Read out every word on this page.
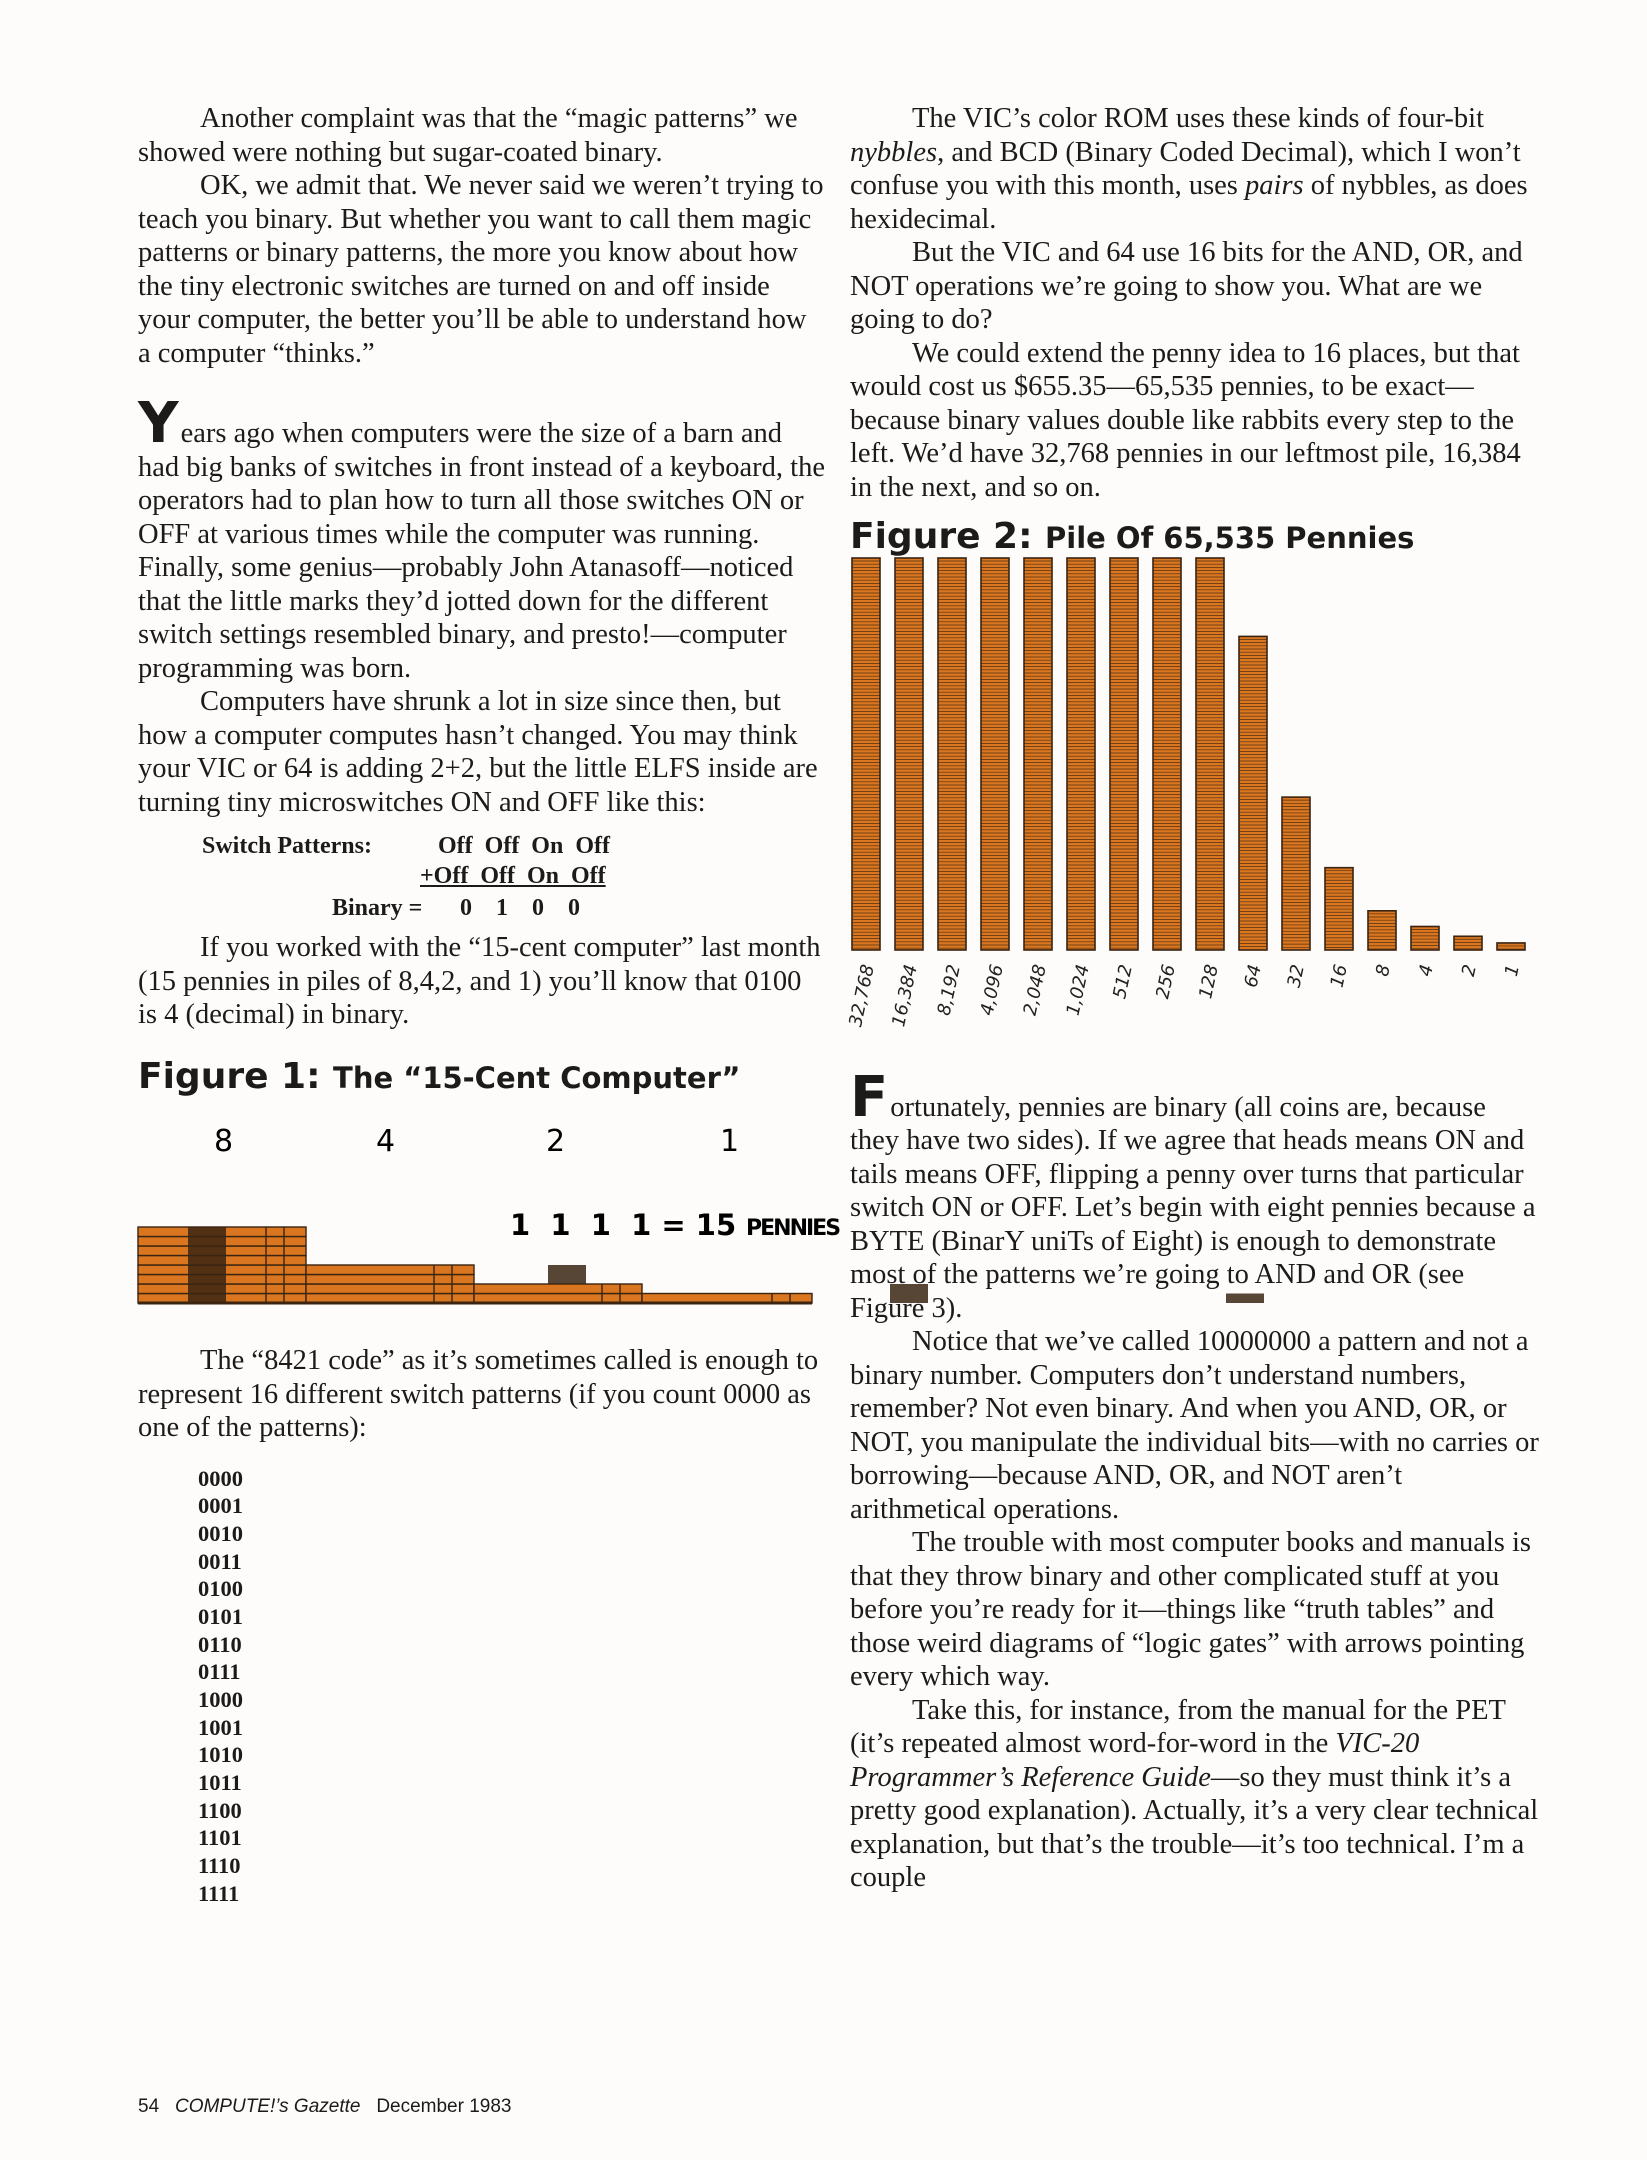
Another complaint was that the “magic patterns” we showed were nothing but sugar-coated binary.

OK, we admit that. We never said we weren’t trying to teach you binary. But whether you want to call them magic patterns or binary patterns, the more you know about how the tiny electronic switches are turned on and off inside your computer, the better you’ll be able to understand how a computer “thinks.”

Years ago when computers were the size of a barn and had big banks of switches in front instead of a keyboard, the operators had to plan how to turn all those switches ON or OFF at various times while the computer was running. Finally, some genius—probably John Atanasoff—noticed that the little marks they’d jotted down for the different switch settings resembled binary, and presto!—computer programming was born.

Computers have shrunk a lot in size since then, but how a computer computes hasn’t changed. You may think your VIC or 64 is adding 2+2, but the little ELFS inside are turning tiny microswitches ON and OFF like this:

Switch Patterns:	Off  Off  On  Off
+Off  Off  On  Off
Binary = 0    1    0    0

If you worked with the “15-cent computer” last month (15 pennies in piles of 8,4,2, and 1) you’ll know that 0100 is 4 (decimal) in binary.

Figure 1: The “15-Cent Computer”
8	4	2	1
1  1  1  1 = 15 PENNIES

The “8421 code” as it’s sometimes called is enough to represent 16 different switch patterns (if you count 0000 as one of the patterns):

0000
0001
0010
0011
0100
0101
0110
0111
1000
1001
1010
1011
1100
1101
1110
1111

The VIC’s color ROM uses these kinds of four-bit nybbles, and BCD (Binary Coded Decimal), which I won’t confuse you with this month, uses pairs of nybbles, as does hexidecimal.

But the VIC and 64 use 16 bits for the AND, OR, and NOT operations we’re going to show you. What are we going to do?

We could extend the penny idea to 16 places, but that would cost us $655.35—65,535 pennies, to be exact—because binary values double like rabbits every step to the left. We’d have 32,768 pennies in our leftmost pile, 16,384 in the next, and so on.

Figure 2: Pile Of 65,535 Pennies
32,768 16,384 8,192 4,096 2,048 1,024 512 256 128 64 32 16 8 4 2 1

Fortunately, pennies are binary (all coins are, because they have two sides). If we agree that heads means ON and tails means OFF, flipping a penny over turns that particular switch ON or OFF. Let’s begin with eight pennies because a BYTE (BinarY uniTs of Eight) is enough to demonstrate most of the patterns we’re going to AND and OR (see Figure 3).

Notice that we’ve called 10000000 a pattern and not a binary number. Computers don’t understand numbers, remember? Not even binary. And when you AND, OR, or NOT, you manipulate the individual bits—with no carries or borrowing—because AND, OR, and NOT aren’t arithmetical operations.

The trouble with most computer books and manuals is that they throw binary and other complicated stuff at you before you’re ready for it—things like “truth tables” and those weird diagrams of “logic gates” with arrows pointing every which way.

Take this, for instance, from the manual for the PET (it’s repeated almost word-for-word in the VIC-20 Programmer’s Reference Guide—so they must think it’s a pretty good explanation). Actually, it’s a very clear technical explanation, but that’s the trouble—it’s too technical. I’m a couple

54 COMPUTE!’s Gazette December 1983
